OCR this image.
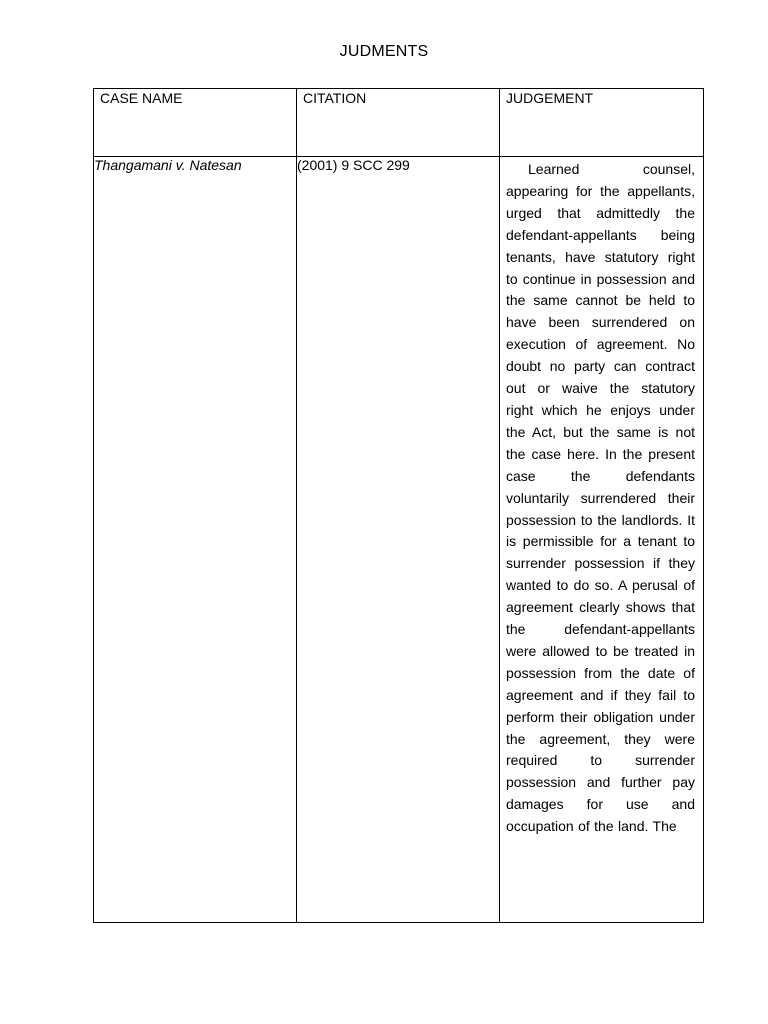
JUDMENTS
CASE NAME	CITATION	JUDGEMENT
Thangamani v. Natesan	(2001) 9 SCC 299	Learned counsel, appearing for the appellants, urged that admittedly the defendant-appellants being tenants, have statutory right to continue in possession and the same cannot be held to have been surrendered on execution of agreement. No doubt no party can contract out or waive the statutory right which he enjoys under the Act, but the same is not the case here. In the present case the defendants voluntarily surrendered their possession to the landlords. It is permissible for a tenant to surrender possession if they wanted to do so. A perusal of agreement clearly shows that the defendant-appellants were allowed to be treated in possession from the date of agreement and if they fail to perform their obligation under the agreement, they were required to surrender possession and further pay damages for use and occupation of the land. The
